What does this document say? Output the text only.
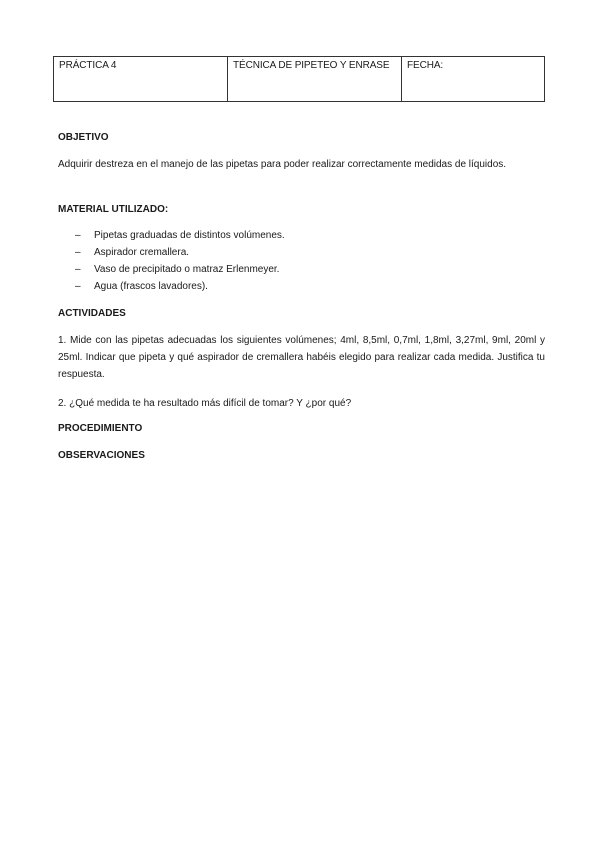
PRÁCTICA 4	TÉCNICA DE PIPETEO Y ENRASE	FECHA:
OBJETIVO
Adquirir destreza en el manejo de las pipetas para poder realizar correctamente medidas de líquidos.
MATERIAL UTILIZADO:
– Pipetas graduadas de distintos volúmenes.
– Aspirador cremallera.
– Vaso de precipitado o matraz Erlenmeyer.
– Agua (frascos lavadores).
ACTIVIDADES
1. Mide con las pipetas adecuadas los siguientes volúmenes; 4ml, 8,5ml, 0,7ml, 1,8ml, 3,27ml, 9ml, 20ml y 25ml. Indicar que pipeta y qué aspirador de cremallera habéis elegido para realizar cada medida. Justifica tu respuesta.
2. ¿Qué medida te ha resultado más difícil de tomar? Y ¿por qué?
PROCEDIMIENTO
OBSERVACIONES
